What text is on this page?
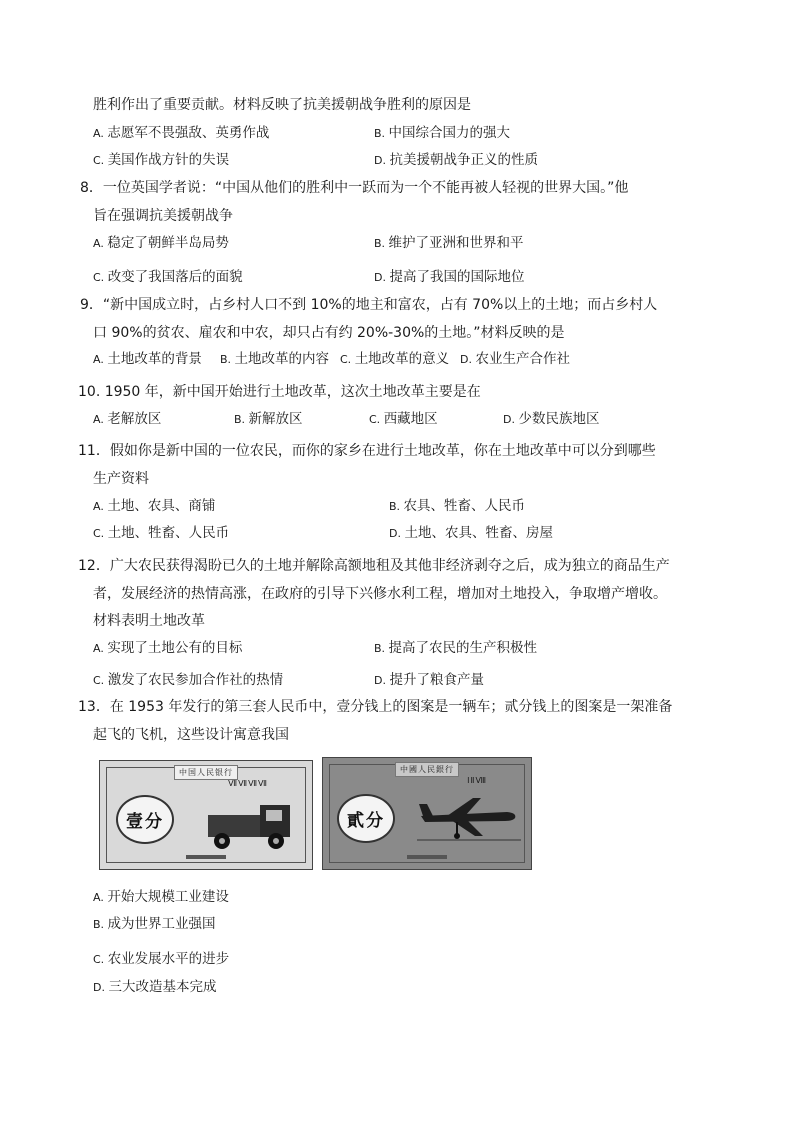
胜利作出了重要贡献。材料反映了抗美援朝战争胜利的原因是
A. 志愿军不畏强敌、英勇作战	B. 中国综合国力的强大
C. 美国作战方针的失误	D. 抗美援朝战争正义的性质
8．一位英国学者说：“中国从他们的胜利中一跃而为一个不能再被人轻视的世界大国。”他
旨在强调抗美援朝战争
A. 稳定了朝鲜半岛局势	B. 维护了亚洲和世界和平
C. 改变了我国落后的面貌	D. 提高了我国的国际地位
9．“新中国成立时，占乡村人口不到 10%的地主和富农，占有 70%以上的土地；而占乡村人
口 90%的贫农、雇农和中农，却只占有约 20%-30%的土地。”材料反映的是
A. 土地改革的背景 B. 土地改革的内容 C. 土地改革的意义 D. 农业生产合作社
10. 1950 年，新中国开始进行土地改革，这次土地改革主要是在
A. 老解放区	B. 新解放区	C. 西藏地区	D. 少数民族地区
11．假如你是新中国的一位农民，而你的家乡在进行土地改革，你在土地改革中可以分到哪些
生产资料
A. 土地、农具、商铺	B. 农具、牲畜、人民币
C. 土地、牲畜、人民币	D. 土地、农具、牲畜、房屋
12．广大农民获得渴盼已久的土地并解除高额地租及其他非经济剥夺之后，成为独立的商品生产
者，发展经济的热情高涨，在政府的引导下兴修水利工程，增加对土地投入，争取增产增收。
材料表明土地改革
A. 实现了土地公有的目标	B. 提高了农民的生产积极性
C. 激发了农民参加合作社的热情	D. 提升了粮食产量
13．在 1953 年发行的第三套人民币中，壹分钱上的图案是一辆车；贰分钱上的图案是一架准备
起飞的飞机，这些设计寓意我国
中国人民银行
ⅦⅦⅦⅦ
壹分
中國人民銀行
ⅠⅡⅧ
貳分
A. 开始大规模工业建设
B. 成为世界工业强国
C. 农业发展水平的进步
D. 三大改造基本完成
